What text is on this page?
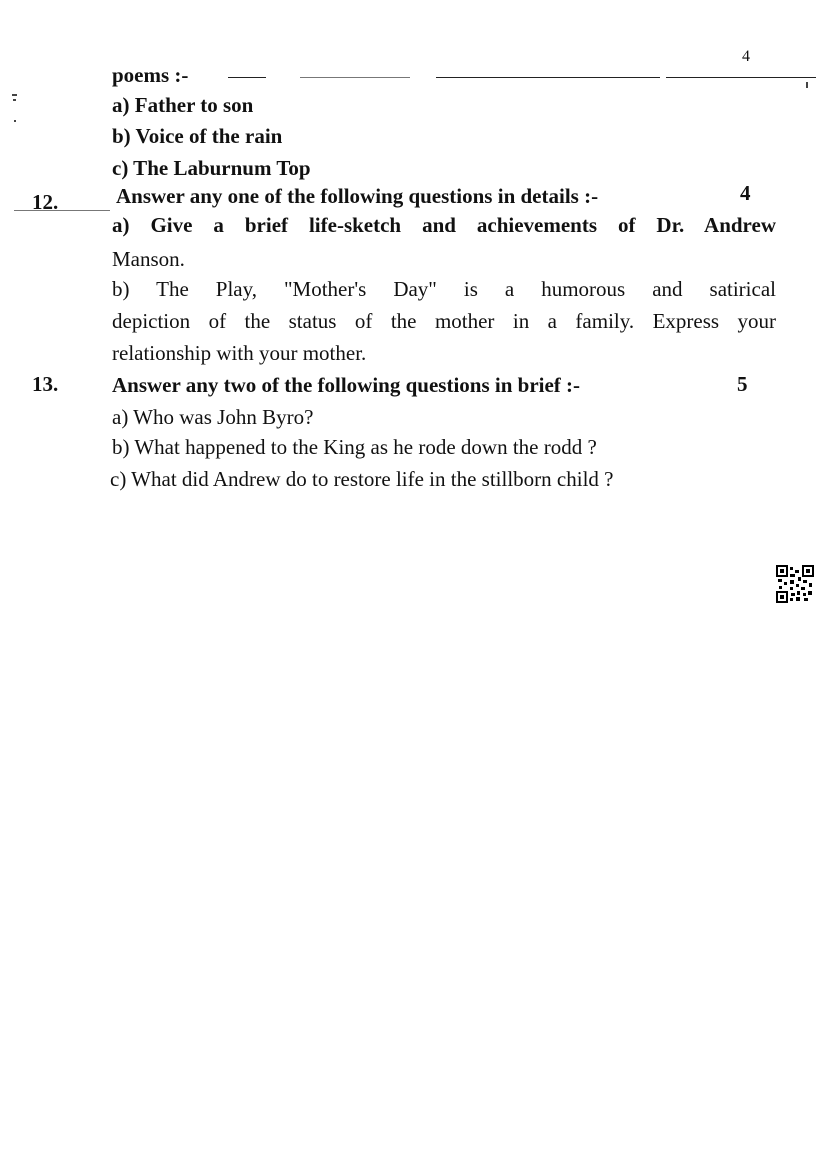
4
poems :-
a) Father to son
b) Voice of the rain
c) The Laburnum Top
12.	Answer any one of the following questions in details :-	4
a) Give a brief life-sketch and achievements of Dr. Andrew
Manson.
b) The Play, "Mother's Day" is a humorous and satirical
depiction of the status of the mother in a family. Express your
relationship with your mother.
13.	Answer any two of the following questions in brief :-	5
a) Who was John Byro?
b) What happened to the King as he rode down the rodd ?
c) What did Andrew do to restore life in the stillborn child ?
